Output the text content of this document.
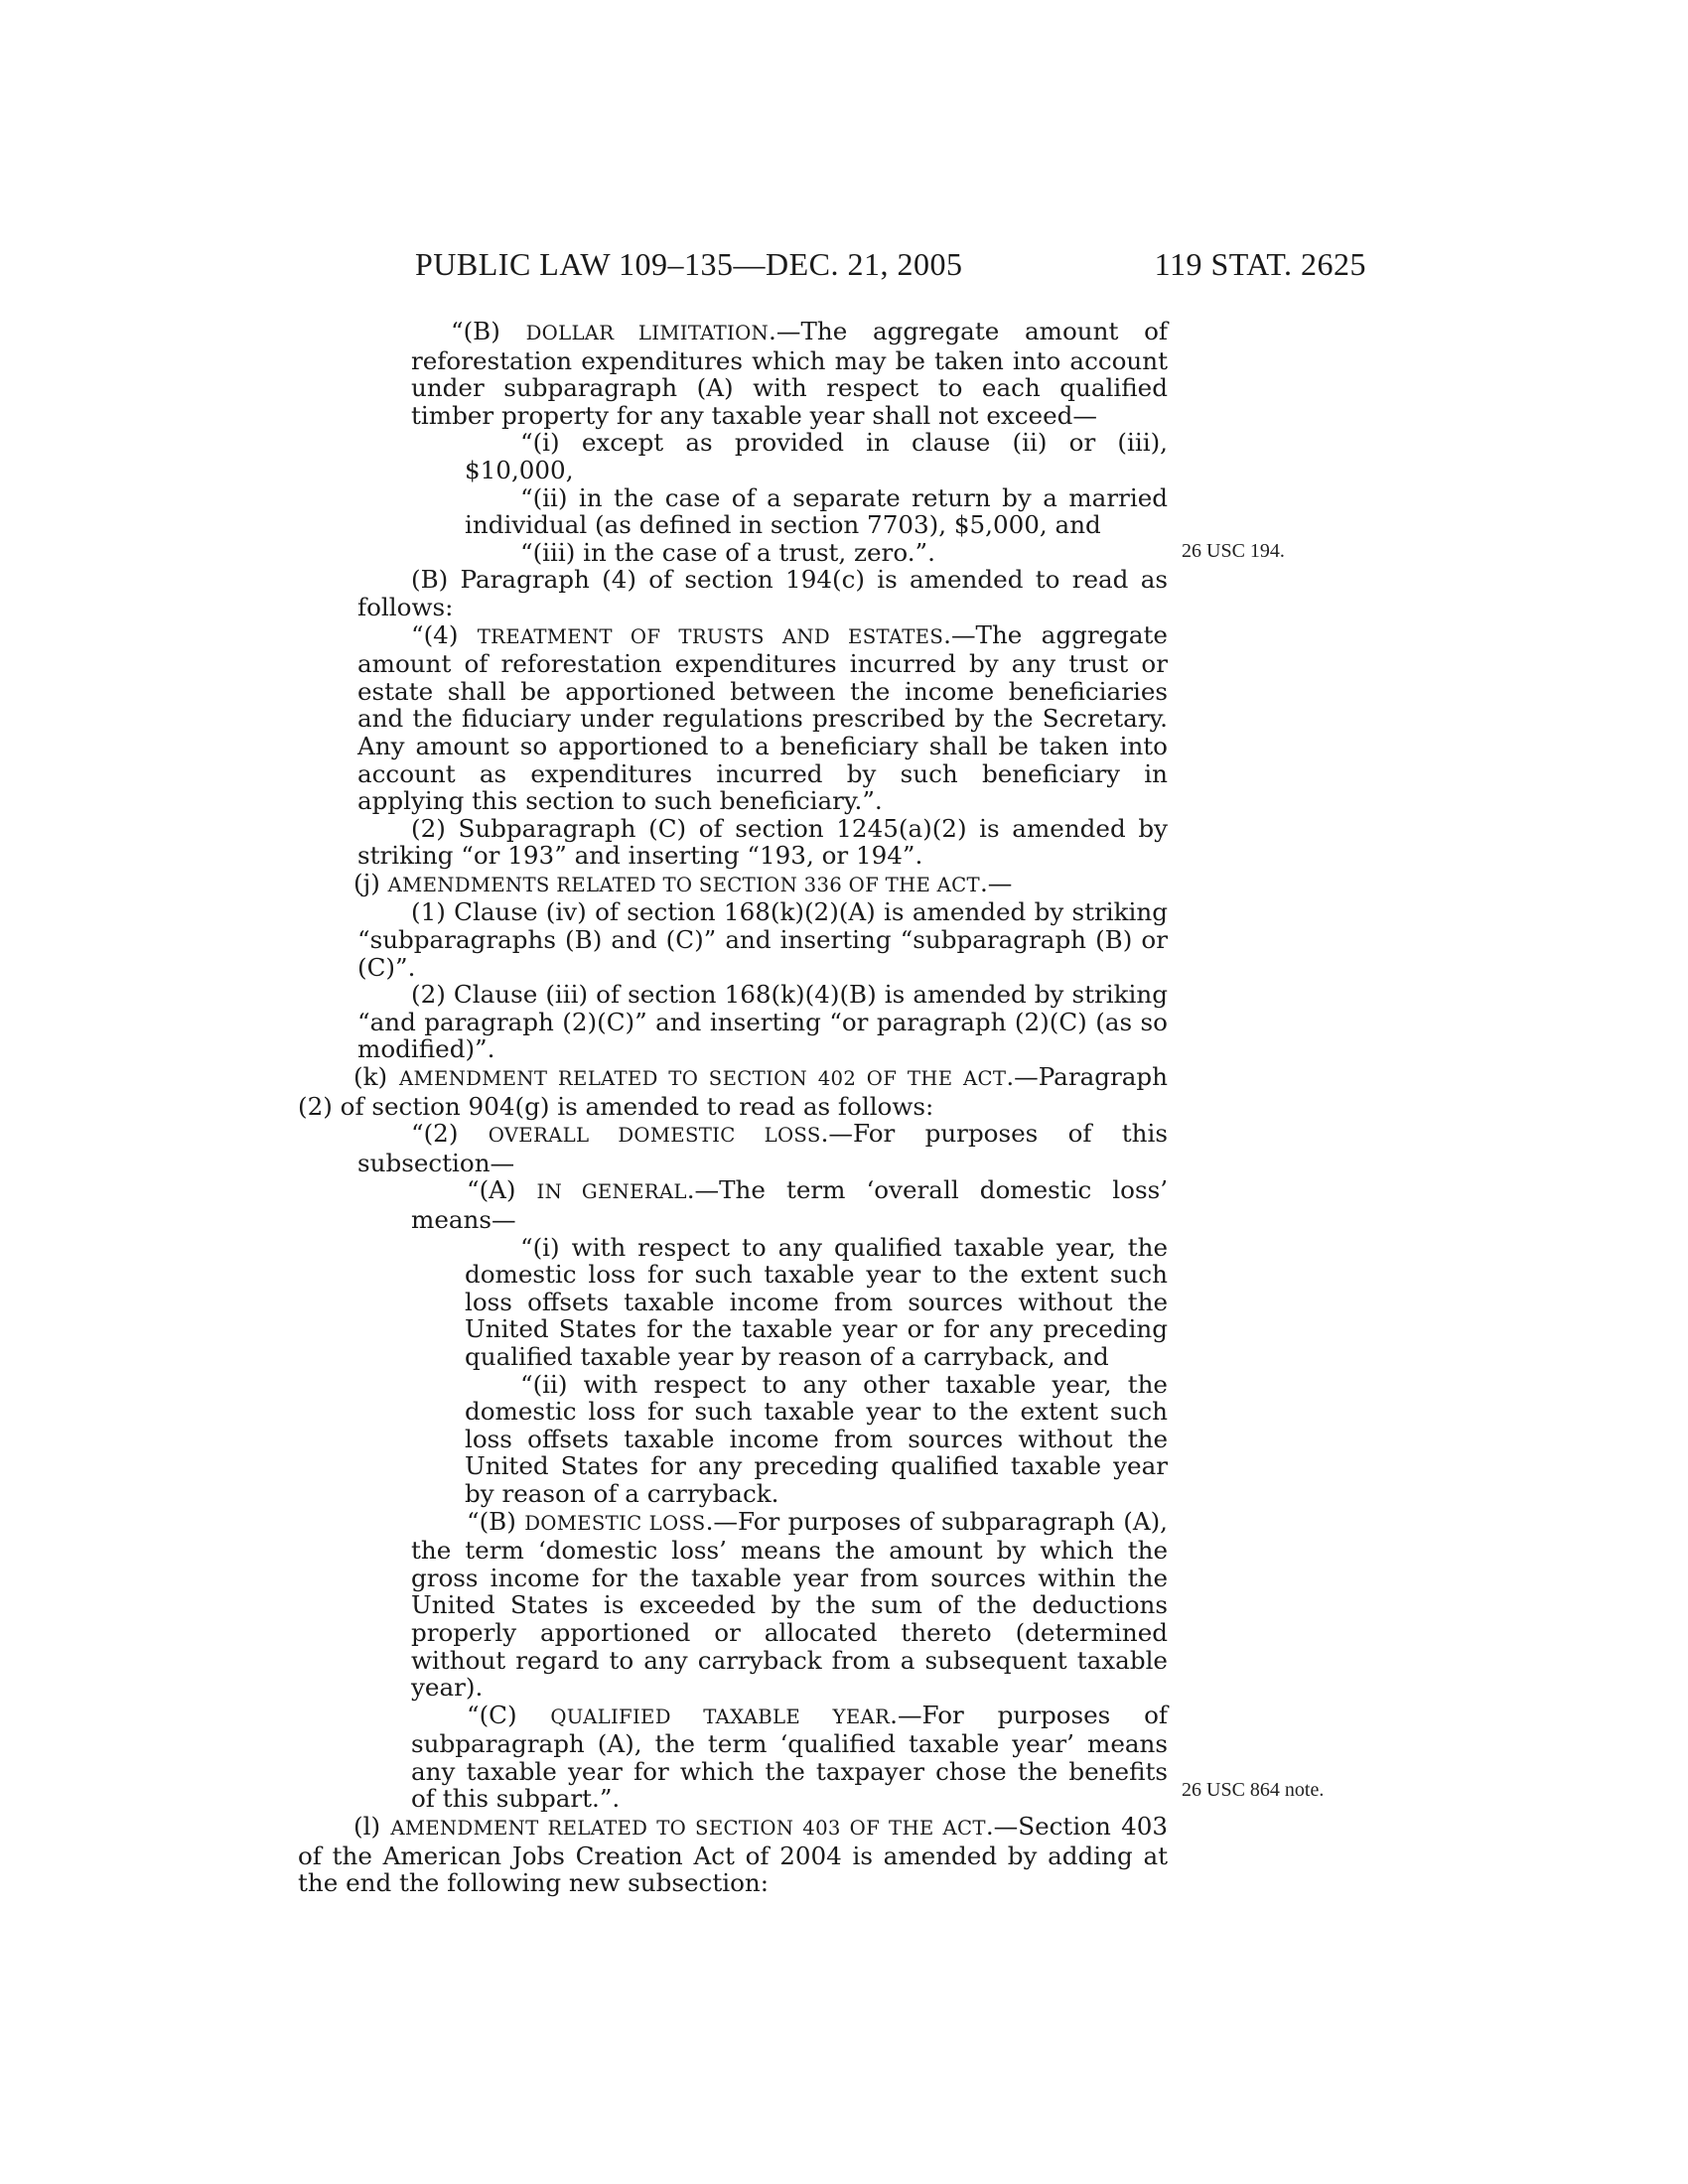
PUBLIC LAW 109–135—DEC. 21, 2005	119 STAT. 2625
26 USC 194.
26 USC 864 note.

“(B) DOLLAR LIMITATION.—The aggregate amount of reforestation expenditures which may be taken into account under subparagraph (A) with respect to each qualified timber property for any taxable year shall not exceed—

“(i) except as provided in clause (ii) or (iii), $10,000,

“(ii) in the case of a separate return by a married individual (as defined in section 7703), $5,000, and

“(iii) in the case of a trust, zero.”.

(B) Paragraph (4) of section 194(c) is amended to read as follows:

“(4) TREATMENT OF TRUSTS AND ESTATES.—The aggregate amount of reforestation expenditures incurred by any trust or estate shall be apportioned between the income beneficiaries and the fiduciary under regulations prescribed by the Secretary. Any amount so apportioned to a beneficiary shall be taken into account as expenditures incurred by such beneficiary in applying this section to such beneficiary.”.

(2) Subparagraph (C) of section 1245(a)(2) is amended by striking “or 193” and inserting “193, or 194”.

(j) AMENDMENTS RELATED TO SECTION 336 OF THE ACT.—

(1) Clause (iv) of section 168(k)(2)(A) is amended by striking “subparagraphs (B) and (C)” and inserting “subparagraph (B) or (C)”.

(2) Clause (iii) of section 168(k)(4)(B) is amended by striking “and paragraph (2)(C)” and inserting “or paragraph (2)(C) (as so modified)”.

(k) AMENDMENT RELATED TO SECTION 402 OF THE ACT.—Paragraph (2) of section 904(g) is amended to read as follows:

“(2) OVERALL DOMESTIC LOSS.—For purposes of this subsection—

“(A) IN GENERAL.—The term ‘overall domestic loss’ means—

“(i) with respect to any qualified taxable year, the domestic loss for such taxable year to the extent such loss offsets taxable income from sources without the United States for the taxable year or for any preceding qualified taxable year by reason of a carryback, and

“(ii) with respect to any other taxable year, the domestic loss for such taxable year to the extent such loss offsets taxable income from sources without the United States for any preceding qualified taxable year by reason of a carryback.

“(B) DOMESTIC LOSS.—For purposes of subparagraph (A), the term ‘domestic loss’ means the amount by which the gross income for the taxable year from sources within the United States is exceeded by the sum of the deductions properly apportioned or allocated thereto (determined without regard to any carryback from a subsequent taxable year).

“(C) QUALIFIED TAXABLE YEAR.—For purposes of subparagraph (A), the term ‘qualified taxable year’ means any taxable year for which the taxpayer chose the benefits of this subpart.”.

(l) AMENDMENT RELATED TO SECTION 403 OF THE ACT.—Section 403 of the American Jobs Creation Act of 2004 is amended by adding at the end the following new subsection:
